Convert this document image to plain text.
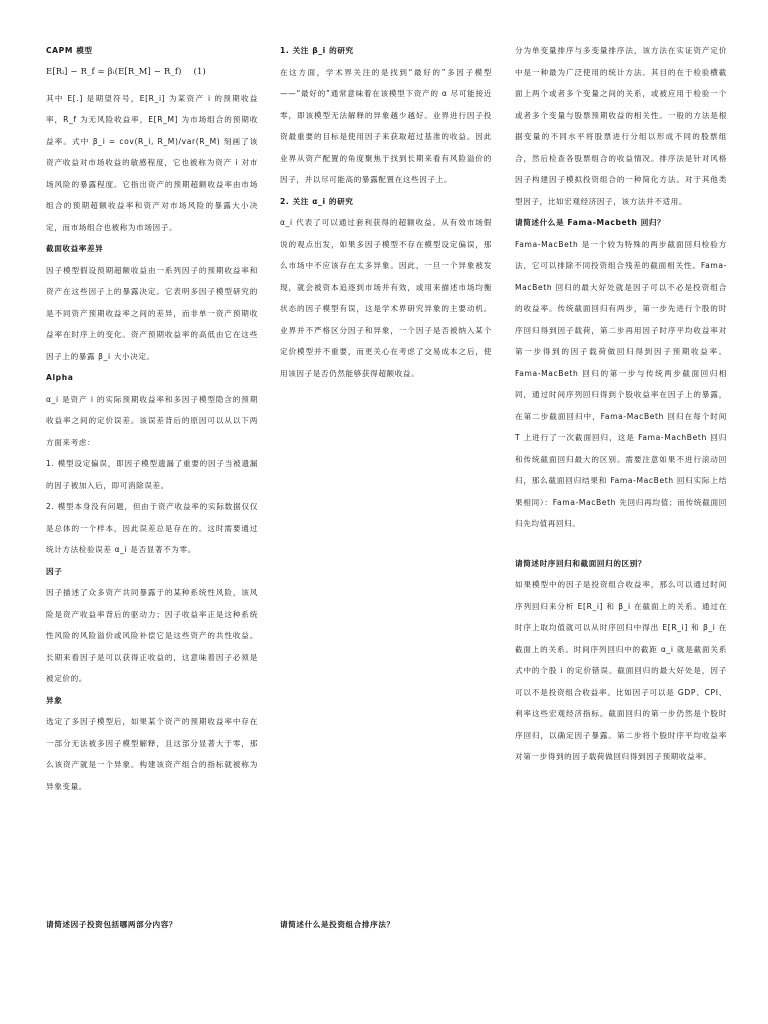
CAPM 模型
E[Rᵢ] − R_f = βᵢ(E[R_M] − R_f) (1)

其中 E[.] 是期望符号，E[R_i] 为某资产 i 的预期收益率，R_f 为无风险收益率，E[R_M] 为市场组合的预期收益率。式中 β_i = cov(R_i, R_M)/var(R_M) 刻画了该资产收益对市场收益的敏感程度，它也被称为资产 i 对市场风险的暴露程度。它指出资产的预期超额收益率由市场组合的预期超额收益率和资产对市场风险的暴露大小决定，而市场组合也被称为市场因子。

截面收益率差异

因子模型假设预期超额收益由一系列因子的预期收益率和资产在这些因子上的暴露决定。它表明多因子模型研究的是不同资产预期收益率之间的差异，而非单一资产预期收益率在时序上的变化。资产预期收益率的高低由它在这些因子上的暴露 β_i 大小决定。

Alpha

α_i 是资产 i 的实际预期收益率和多因子模型隐含的预期收益率之间的定价误差。该误差背后的原因可以从以下两方面来考虑：

1. 模型设定偏误，即因子模型遗漏了重要的因子当被遗漏的因子被加入后，即可消除误差。

2. 模型本身没有问题，但由于资产收益率的实际数据仅仅是总体的一个样本，因此误差总是存在的。这时需要通过统计方法检验误差 α_i 是否显著不为零。

因子

因子描述了众多资产共同暴露于的某种系统性风险，该风险是资产收益率背后的驱动力；因子收益率正是这种系统性风险的风险溢价或风险补偿它是这些资产的共性收益。长期来看因子是可以获得正收益的，这意味着因子必须是被定价的。

异象

选定了多因子模型后，如果某个资产的预期收益率中存在一部分无法被多因子模型解释，且这部分显著大于零，那么该资产就是一个异象。构建该资产组合的指标就被称为异象变量。

1. 关注 β_i 的研究

在这方面，学术界关注的是找到“最好的”多因子模型 ——“最好的”通常意味着在该模型下资产的 α 尽可能接近零，即该模型无法解释的异象越少越好。业界进行因子投资最重要的目标是使用因子来获取超过基准的收益。因此业界从资产配置的角度聚焦于找到长期来看有风险溢价的因子，并以尽可能高的暴露配置在这些因子上。

2. 关注 α_i 的研究

α_i 代表了可以通过套利获得的超额收益。从有效市场假说的观点出发，如果多因子模型不存在模型设定偏误，那么市场中不应该存在太多异象。因此，一旦一个异象被发现，就会被资本追逐到市场并有效，或用来描述市场均衡状态的因子模型有误，这是学术界研究异象的主要动机。业界并不严格区分因子和异象，一个因子是否被纳入某个定价模型并不重要，而更关心在考虑了交易成本之后，使用该因子是否仍然能够获得超额收益。

分为单变量排序与多变量排序法，该方法在实证资产定价中是一种最为广泛使用的统计方法。其目的在于检验横截面上两个或者多个变量之间的关系，或被应用于检验一个或者多个变量与股票预期收益的相关性。一般的方法是根据变量的不同水平将股票进行分组以形成不同的股票组合，然后检查各股票组合的收益情况。排序法是针对风格因子构建因子模拟投资组合的一种简化方法。对于其他类型因子，比如宏观经济因子，该方法并不适用。

请简述什么是 Fama-Macbeth 回归？

Fama-MacBeth 是一个较为特殊的两步截面回归检验方法，它可以排除不同投资组合残差的截面相关性。Fama-MacBeth 回归的最大好处就是因子可以不必是投资组合的收益率。传统截面回归有两步，第一步先进行个股的时序回归得到因子载荷，第二步再用因子时序平均收益率对第一步得到的因子载荷做回归得到因子预期收益率。Fama-MacBeth 回归的第一步与传统两步截面回归相同，通过时间序列回归得到个股收益率在因子上的暴露，在第二步截面回归中，Fama-MacBeth 回归在每个时间 T 上进行了一次截面回归，这是 Fama-MachBeth 回归和传统截面回归最大的区别。需要注意如果不进行滚动回归，那么截面回归结果和 Fama-MacBeth 回归实际上结果相同）：Fama-MacBeth 先回归再均值；而传统截面回归先均值再回归。

请简述时序回归和截面回归的区别？

如果模型中的因子是投资组合收益率，那么可以通过时间序列回归来分析 E[R_i] 和 β_i 在截面上的关系。通过在时序上取均值就可以从时序回归中得出 E[R_i] 和 β_i 在截面上的关系。时间序列回归中的截距 α_i 就是截面关系式中的个股 i 的定价错误。截面回归的最大好处是，因子可以不是投资组合收益率。比如因子可以是 GDP、CPI、利率这些宏观经济指标。截面回归的第一步仍然是个股时序回归，以确定因子暴露。第二步将个股时序平均收益率对第一步得到的因子载荷做回归得到因子预期收益率。

请简述因子投资包括哪两部分内容？	请简述什么是投资组合排序法？
